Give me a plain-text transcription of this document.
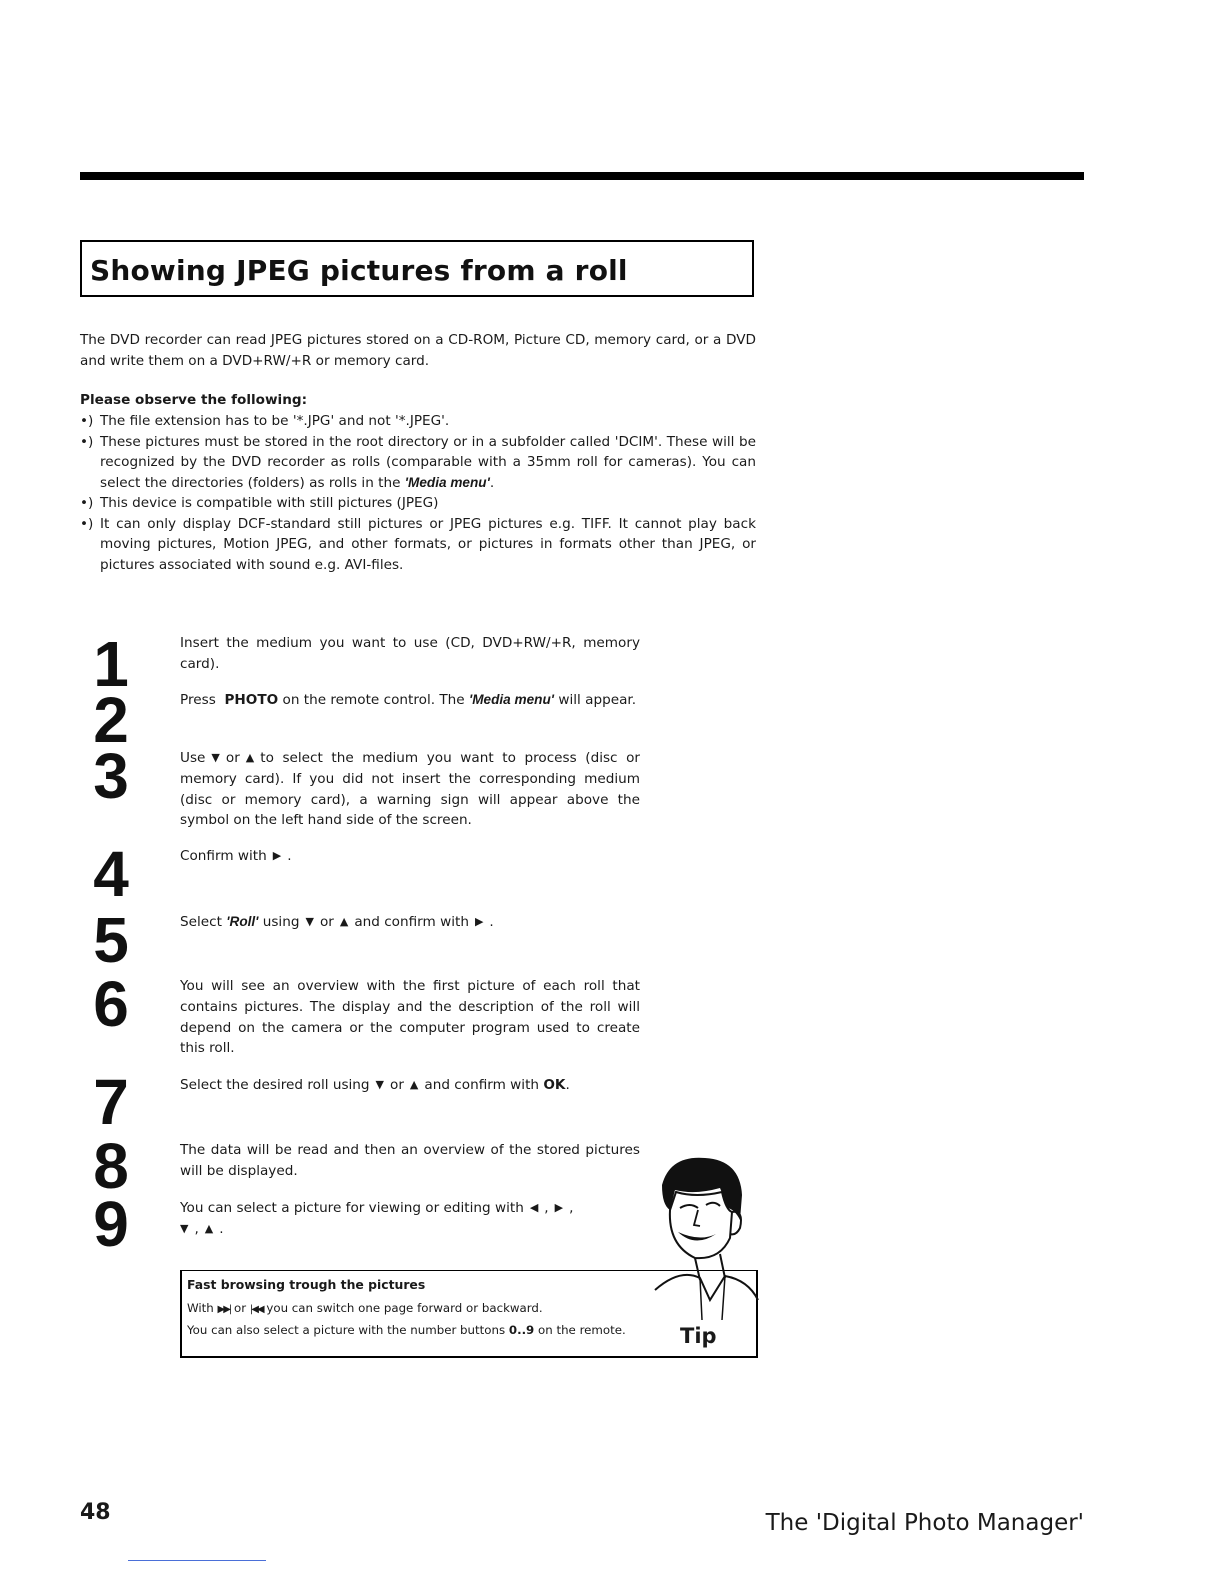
Showing JPEG pictures from a roll

The DVD recorder can read JPEG pictures stored on a CD-ROM, Picture CD, memory card, or a DVD and write them on a DVD+RW/+R or memory card.

Please observe the following:
•) The file extension has to be '*.JPG' and not '*.JPEG'.
•) These pictures must be stored in the root directory or in a subfolder called 'DCIM'. These will be recognized by the DVD recorder as rolls (comparable with a 35mm roll for cameras). You can select the directories (folders) as rolls in the 'Media menu'.
•) This device is compatible with still pictures (JPEG)
•) It can only display DCF-standard still pictures or JPEG pictures e.g. TIFF. It cannot play back moving pictures, Motion JPEG, and other formats, or pictures in formats other than JPEG, or pictures associated with sound e.g. AVI-files.
1
2
3
4
5
6
7
8
9

Insert the medium you want to use (CD, DVD+RW/+R, memory card).

Press PHOTO on the remote control. The 'Media menu' will appear.

Use ▼ or ▲ to select the medium you want to process (disc or memory card). If you did not insert the corresponding medium (disc or memory card), a warning sign will appear above the symbol on the left hand side of the screen.

Confirm with ▶ .

Select 'Roll' using ▼ or ▲ and confirm with ▶ .

You will see an overview with the first picture of each roll that contains pictures. The display and the description of the roll will depend on the camera or the computer program used to create this roll.

Select the desired roll using ▼ or ▲ and confirm with OK.

The data will be read and then an overview of the stored pictures will be displayed.

You can select a picture for viewing or editing with ◀ , ▶ ,
▼ , ▲ .

Fast browsing trough the pictures
With ▶▶| or |◀◀ you can switch one page forward or backward.
You can also select a picture with the number buttons 0..9 on the remote.	Tip
48	The 'Digital Photo Manager'
